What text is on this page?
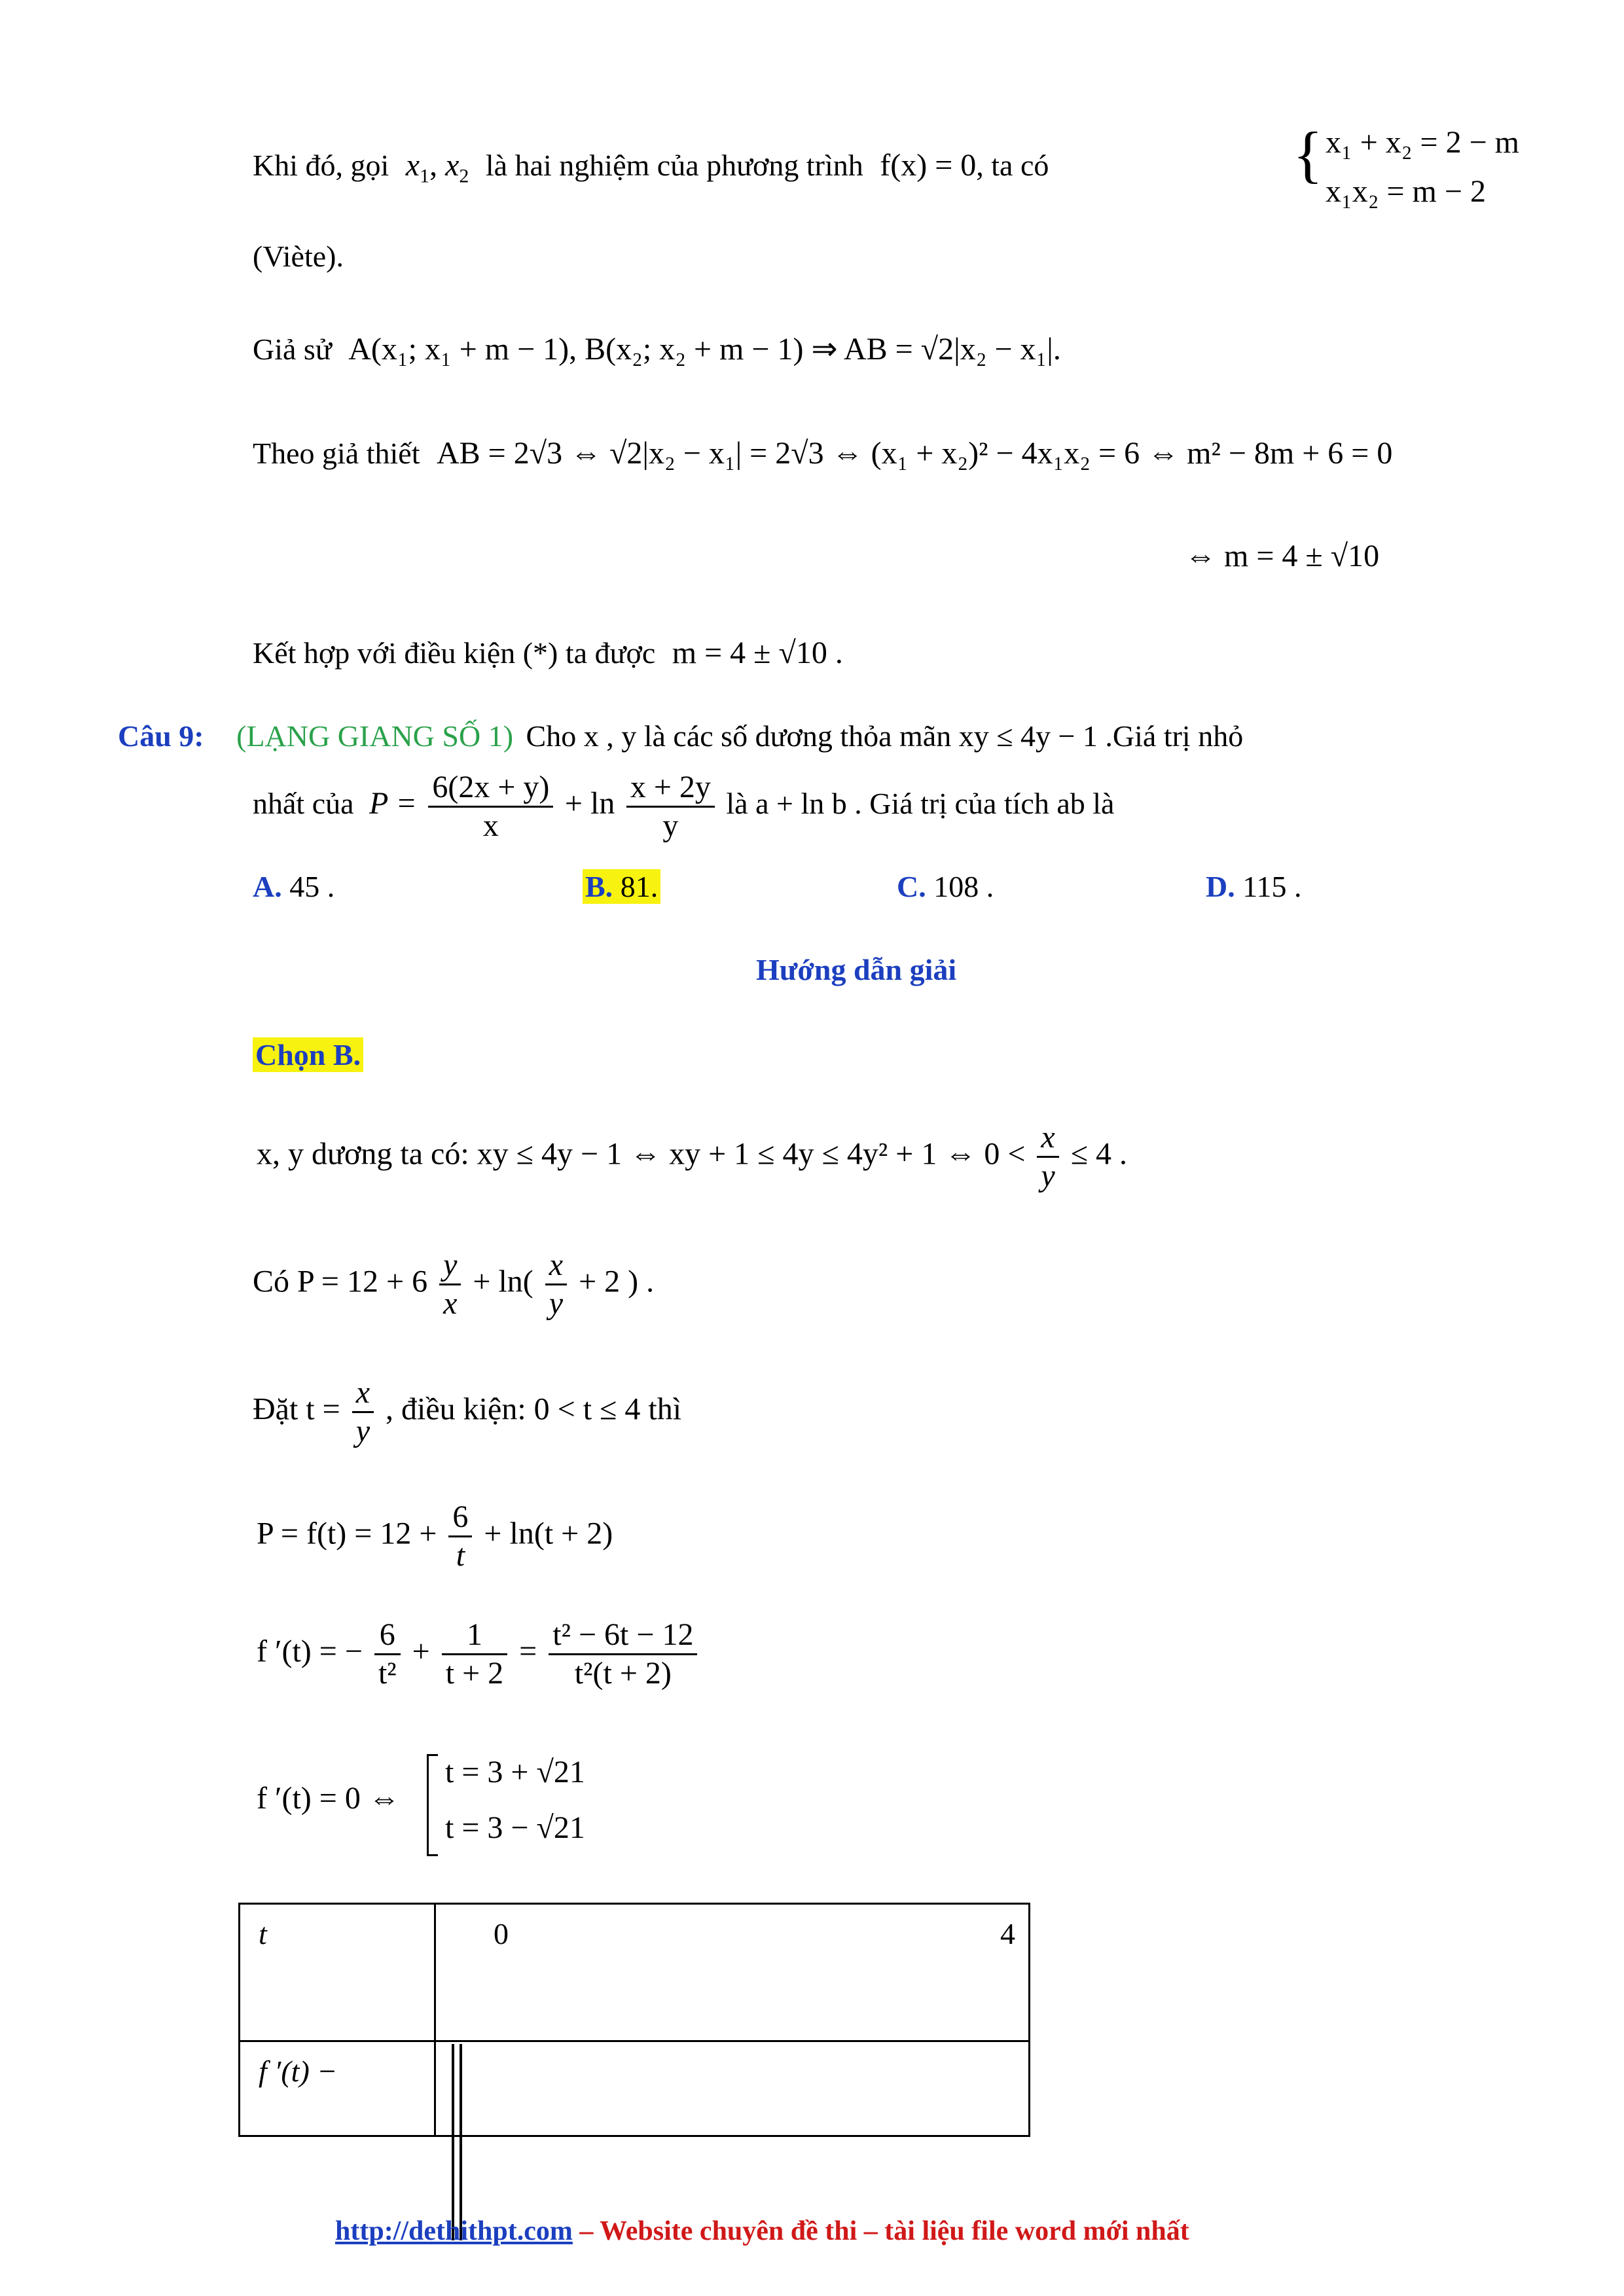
Khi đó, gọi $x_1$, $x_2$ là hai nghiệm của phương trình f(x) = 0, ta có	{ x₁ + x₂ = 2 − m
x₁x₂ = m − 2
(Viète).
Giả sử A(x₁; x₁ + m − 1), B(x₂; x₂ + m − 1) ⇒ AB = √2|x₂ − x₁|.
Theo giả thiết AB = 2√3 ⇔ √2|x₂ − x₁| = 2√3 ⇔ (x₁ + x₂)² − 4x₁x₂ = 6 ⇔ m² − 8m + 6 = 0
⇔ m = 4 ± √10
Kết hợp với điều kiện (*) ta được m = 4 ± √10 .
Câu 9: (LẠNG GIANG SỐ 1) Cho x , y là các số dương thỏa mãn xy ≤ 4y − 1 .Giá trị nhỏ
nhất của $P = \frac{6(2x + y)}{x} + \ln \frac{x + 2y}{y}$ là a + ln b . Giá trị của tích ab là
A. 45 .	B. 81.	C. 108 .	D. 115 .
Hướng dẫn giải
Chọn B.
x, y dương ta có: xy ≤ 4y − 1 ⇔ xy + 1 ≤ 4y ≤ 4y² + 1 ⇔ $0 < \frac{x}{y} \le 4$ .
Có $P = 12 + 6 \frac{y}{x} + \ln( \frac{x}{y} + 2$ ) .
Đặt $t = \frac{x}{y}$ , điều kiện: 0 < t ≤ 4 thì
$P = f(t) = 12 + \frac{6}{t} + \ln(t + 2)$
f ′(t) = − $\frac{6}{\text{t²}} + \frac{1}{t + 2} = \frac{\text{t² − 6t − 12}}{\text{t²(t + 2)}}$
f ′(t) = 0 ⇔
t = 3 + √21
t = 3 − √21
t	0 4

f ′(t) −	
http://dethithpt.com – Website chuyên đề thi – tài liệu file word mới nhất
